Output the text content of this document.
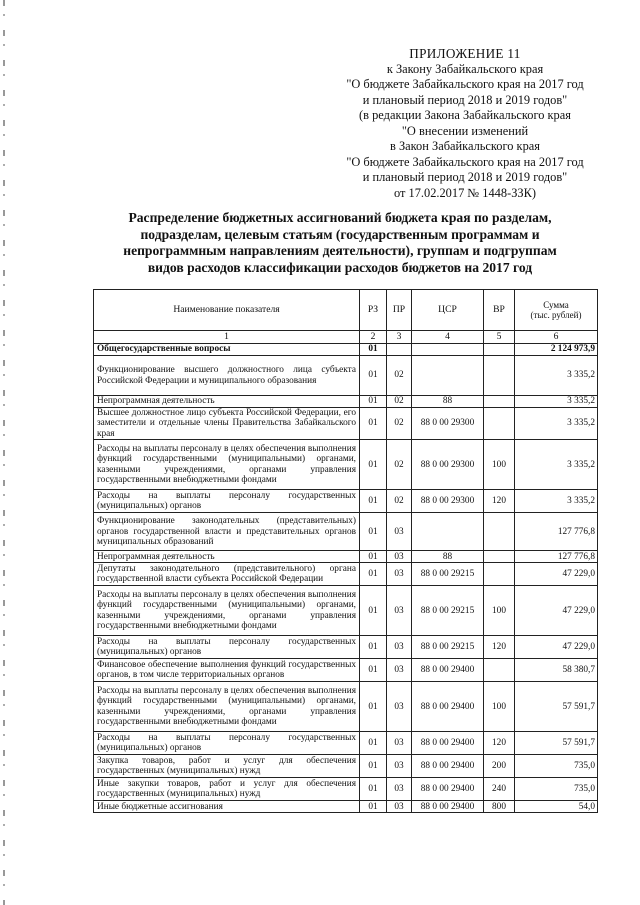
ПРИЛОЖЕНИЕ 11
к Закону Забайкальского края
"О бюджете Забайкальского края на 2017 год
и плановый период 2018 и 2019 годов"
(в редакции Закона Забайкальского края
"О внесении изменений
в Закон Забайкальского края
"О бюджете Забайкальского края на 2017 год
и плановый период 2018 и 2019 годов"
от 17.02.2017 № 1448-ЗЗК)
Распределение бюджетных ассигнований бюджета края по разделам,
подразделам, целевым статьям (государственным программам и
непрограммным направлениям деятельности), группам и подгруппам
видов расходов классификации расходов бюджетов на 2017 год
Наименование показателя	РЗ	ПР	ЦСР	ВР	Сумма
(тыс. рублей)

1	2	3	4	5	6
Общегосударственные вопросы	01				2 124 973,9
Функционирование высшего должностного лица субъекта Российской Федерации и муниципального образования	01	02			3 335,2
Непрограммная деятельность	01	02	88		3 335,2
Высшее должностное лицо субъекта Российской Федерации, его заместители и отдельные члены Правительства Забайкальского края	01	02	88 0 00 29300		3 335,2
Расходы на выплаты персоналу в целях обеспечения выполнения функций государственными (муниципальными) органами, казенными учреждениями, органами управления государственными внебюджетными фондами	01	02	88 0 00 29300	100	3 335,2
Расходы на выплаты персоналу государственных (муниципальных) органов	01	02	88 0 00 29300	120	3 335,2
Функционирование законодательных (представительных) органов государственной власти и представительных органов муниципальных образований	01	03			127 776,8
Непрограммная деятельность	01	03	88		127 776,8
Депутаты законодательного (представительного) органа государственной власти субъекта Российской Федерации	01	03	88 0 00 29215		47 229,0
Расходы на выплаты персоналу в целях обеспечения выполнения функций государственными (муниципальными) органами, казенными учреждениями, органами управления государственными внебюджетными фондами	01	03	88 0 00 29215	100	47 229,0
Расходы на выплаты персоналу государственных (муниципальных) органов	01	03	88 0 00 29215	120	47 229,0
Финансовое обеспечение выполнения функций государственных органов, в том числе территориальных органов	01	03	88 0 00 29400		58 380,7
Расходы на выплаты персоналу в целях обеспечения выполнения функций государственными (муниципальными) органами, казенными учреждениями, органами управления государственными внебюджетными фондами	01	03	88 0 00 29400	100	57 591,7
Расходы на выплаты персоналу государственных (муниципальных) органов	01	03	88 0 00 29400	120	57 591,7
Закупка товаров, работ и услуг для обеспечения государственных (муниципальных) нужд	01	03	88 0 00 29400	200	735,0
Иные закупки товаров, работ и услуг для обеспечения государственных (муниципальных) нужд	01	03	88 0 00 29400	240	735,0
Иные бюджетные ассигнования	01	03	88 0 00 29400	800	54,0
